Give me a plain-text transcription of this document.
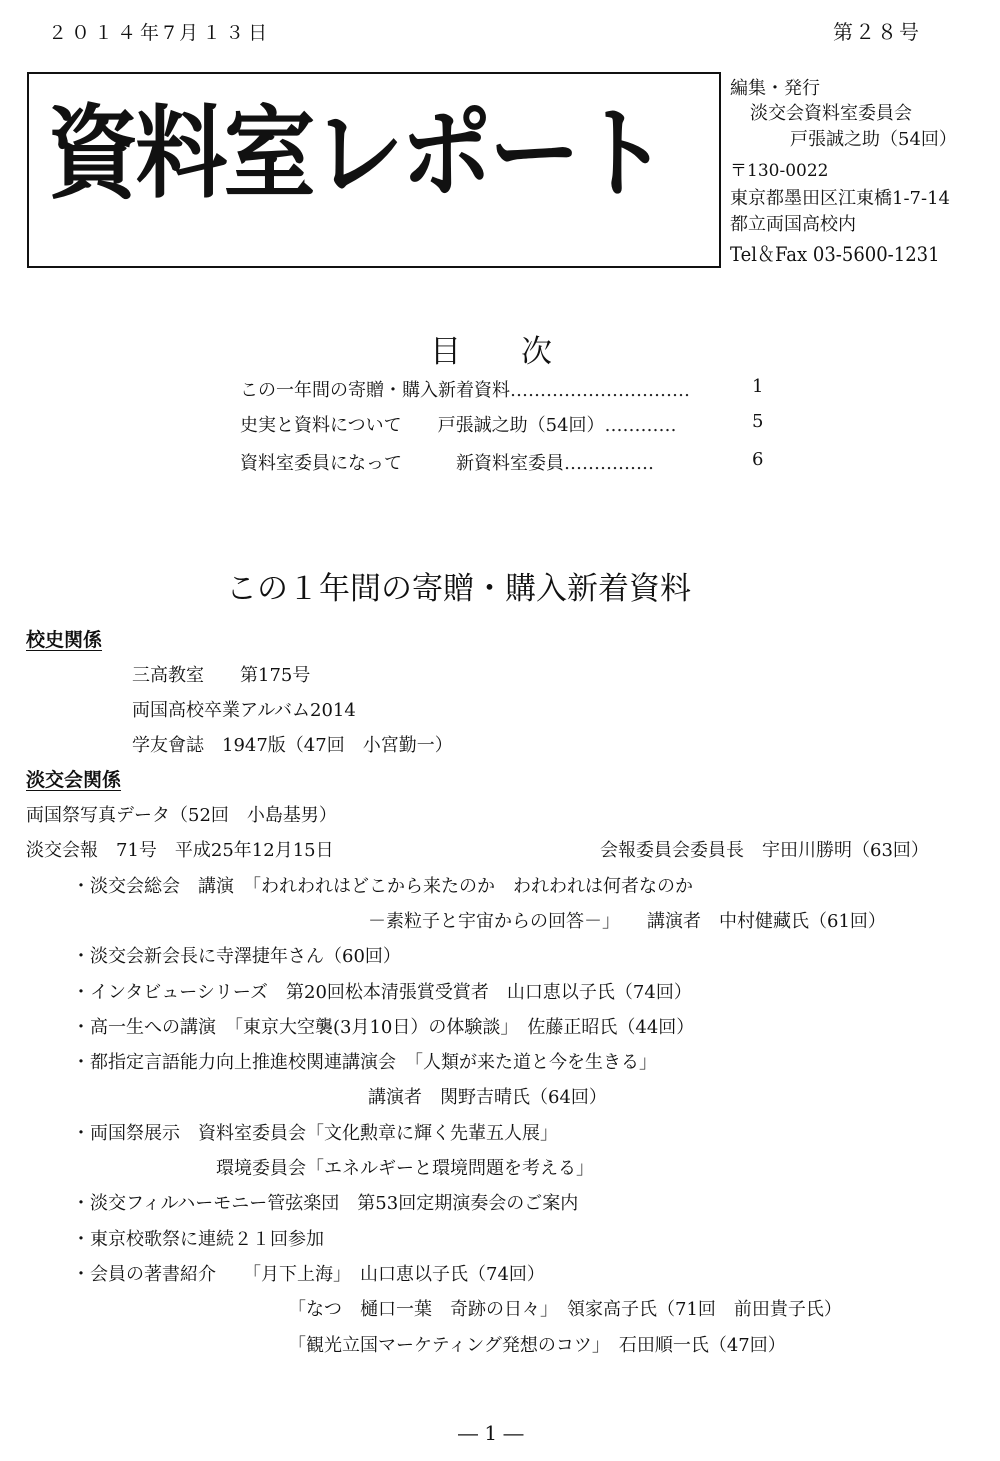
２０１４年7月１３日	第２８号
資料室レポート
編集・発行
淡交会資料室委員会
戸張誠之助（54回）
〒130-0022
東京都墨田区江東橋1-7-14
都立両国高校内
Tel＆Fax 03-5600-1231
目次
この一年間の寄贈・購入新着資料…………………………	1
史実と資料について　　戸張誠之助（54回）…………	5
資料室委員になって　　　新資料室委員……………	6
この１年間の寄贈・購入新着資料
校史関係
三高教室　　第175号
両国高校卒業アルバム2014
学友會誌　1947版（47回　小宮勤一）
淡交会関係
両国祭写真データ（52回　小島基男）
淡交会報　71号　平成25年12月15日	会報委員会委員長　宇田川勝明（63回）
・淡交会総会　講演　「われわれはどこから来たのか　われわれは何者なのか
－素粒子と宇宙からの回答－」　　講演者　中村健藏氏（61回）
・淡交会新会長に寺澤捷年さん（60回）
・インタビューシリーズ　第20回松本清張賞受賞者　山口恵以子氏（74回）
・高一生への講演　「東京大空襲(3月10日）の体験談」　佐藤正昭氏（44回）
・都指定言語能力向上推進校関連講演会　「人類が来た道と今を生きる」
講演者　関野吉晴氏（64回）
・両国祭展示　資料室委員会「文化勲章に輝く先輩五人展」
環境委員会「エネルギーと環境問題を考える」
・淡交フィルハーモニー管弦楽団　第53回定期演奏会のご案内
・東京校歌祭に連続２１回参加
・会員の著書紹介　　「月下上海」　山口恵以子氏（74回）
「なつ　樋口一葉　奇跡の日々」　領家高子氏（71回　前田貴子氏）
「観光立国マーケティング発想のコツ」　石田順一氏（47回）
― 1 ―
